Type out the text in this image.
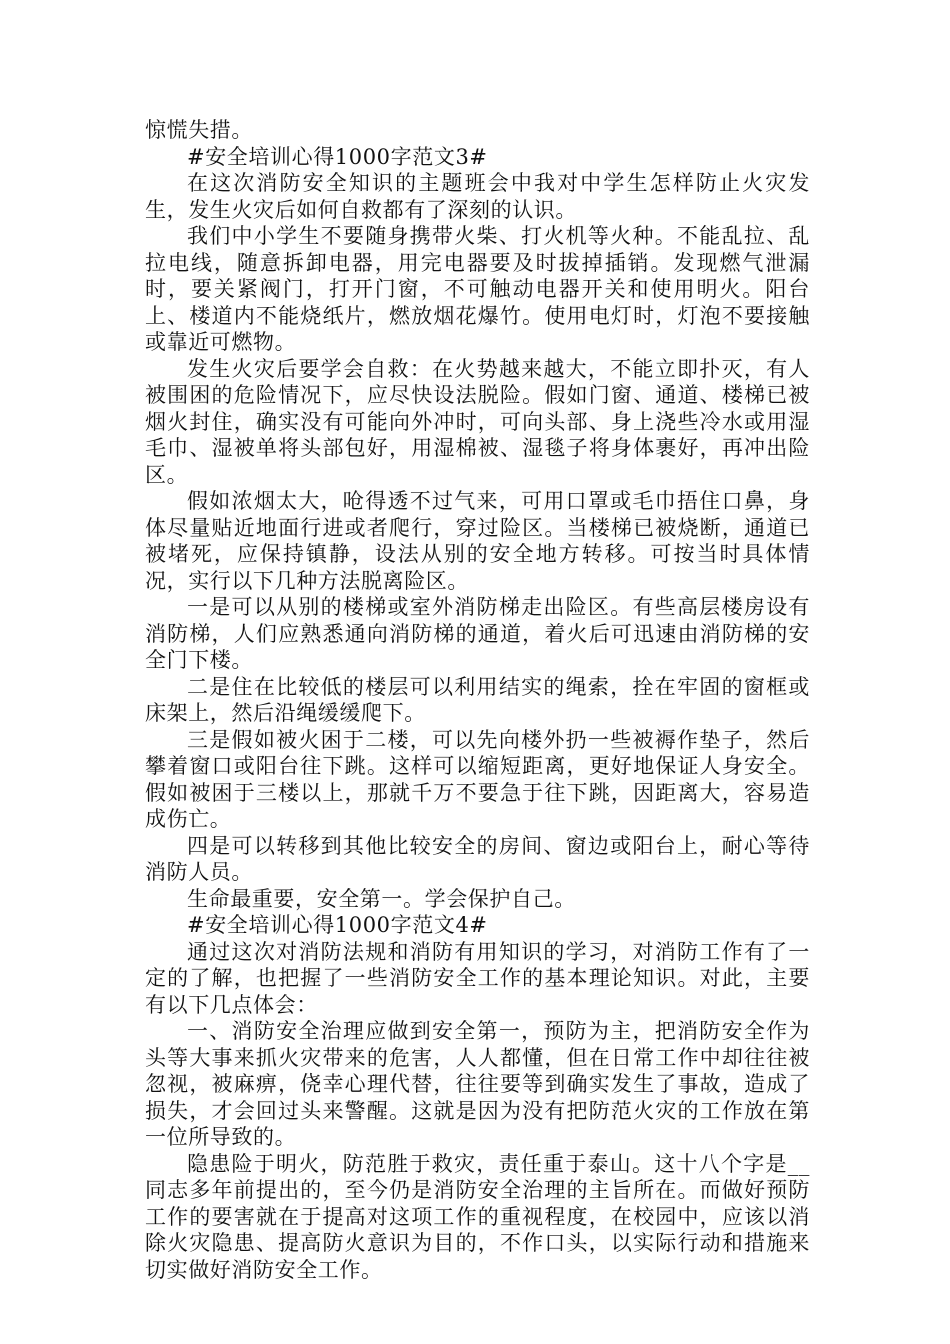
惊慌失措。

#安全培训心得1000字范文3#

在这次消防安全知识的主题班会中我对中学生怎样防止火灾发生，发生火灾后如何自救都有了深刻的认识。

我们中小学生不要随身携带火柴、打火机等火种。不能乱拉、乱拉电线，随意拆卸电器，用完电器要及时拔掉插销。发现燃气泄漏时，要关紧阀门，打开门窗，不可触动电器开关和使用明火。阳台上、楼道内不能烧纸片，燃放烟花爆竹。使用电灯时，灯泡不要接触或靠近可燃物。

发生火灾后要学会自救：在火势越来越大，不能立即扑灭，有人被围困的危险情况下，应尽快设法脱险。假如门窗、通道、楼梯已被烟火封住，确实没有可能向外冲时，可向头部、身上浇些冷水或用湿毛巾、湿被单将头部包好，用湿棉被、湿毯子将身体裹好，再冲出险区。

假如浓烟太大，呛得透不过气来，可用口罩或毛巾捂住口鼻，身体尽量贴近地面行进或者爬行，穿过险区。当楼梯已被烧断，通道已被堵死，应保持镇静，设法从别的安全地方转移。可按当时具体情况，实行以下几种方法脱离险区。

一是可以从别的楼梯或室外消防梯走出险区。有些高层楼房设有消防梯，人们应熟悉通向消防梯的通道，着火后可迅速由消防梯的安全门下楼。

二是住在比较低的楼层可以利用结实的绳索，拴在牢固的窗框或床架上，然后沿绳缓缓爬下。

三是假如被火困于二楼，可以先向楼外扔一些被褥作垫子，然后攀着窗口或阳台往下跳。这样可以缩短距离，更好地保证人身安全。假如被困于三楼以上，那就千万不要急于往下跳，因距离大，容易造成伤亡。

四是可以转移到其他比较安全的房间、窗边或阳台上，耐心等待消防人员。

生命最重要，安全第一。学会保护自己。

#安全培训心得1000字范文4#

通过这次对消防法规和消防有用知识的学习，对消防工作有了一定的了解，也把握了一些消防安全工作的基本理论知识。对此，主要有以下几点体会：

一、消防安全治理应做到安全第一，预防为主，把消防安全作为头等大事来抓火灾带来的危害，人人都懂，但在日常工作中却往往被忽视，被麻痹，侥幸心理代替，往往要等到确实发生了事故，造成了损失，才会回过头来警醒。这就是因为没有把防范火灾的工作放在第一位所导致的。

隐患险于明火，防范胜于救灾，责任重于泰山。这十八个字是__同志多年前提出的，至今仍是消防安全治理的主旨所在。而做好预防工作的要害就在于提高对这项工作的重视程度，在校园中，应该以消除火灾隐患、提高防火意识为目的，不作口头，以实际行动和措施来切实做好消防安全工作。
